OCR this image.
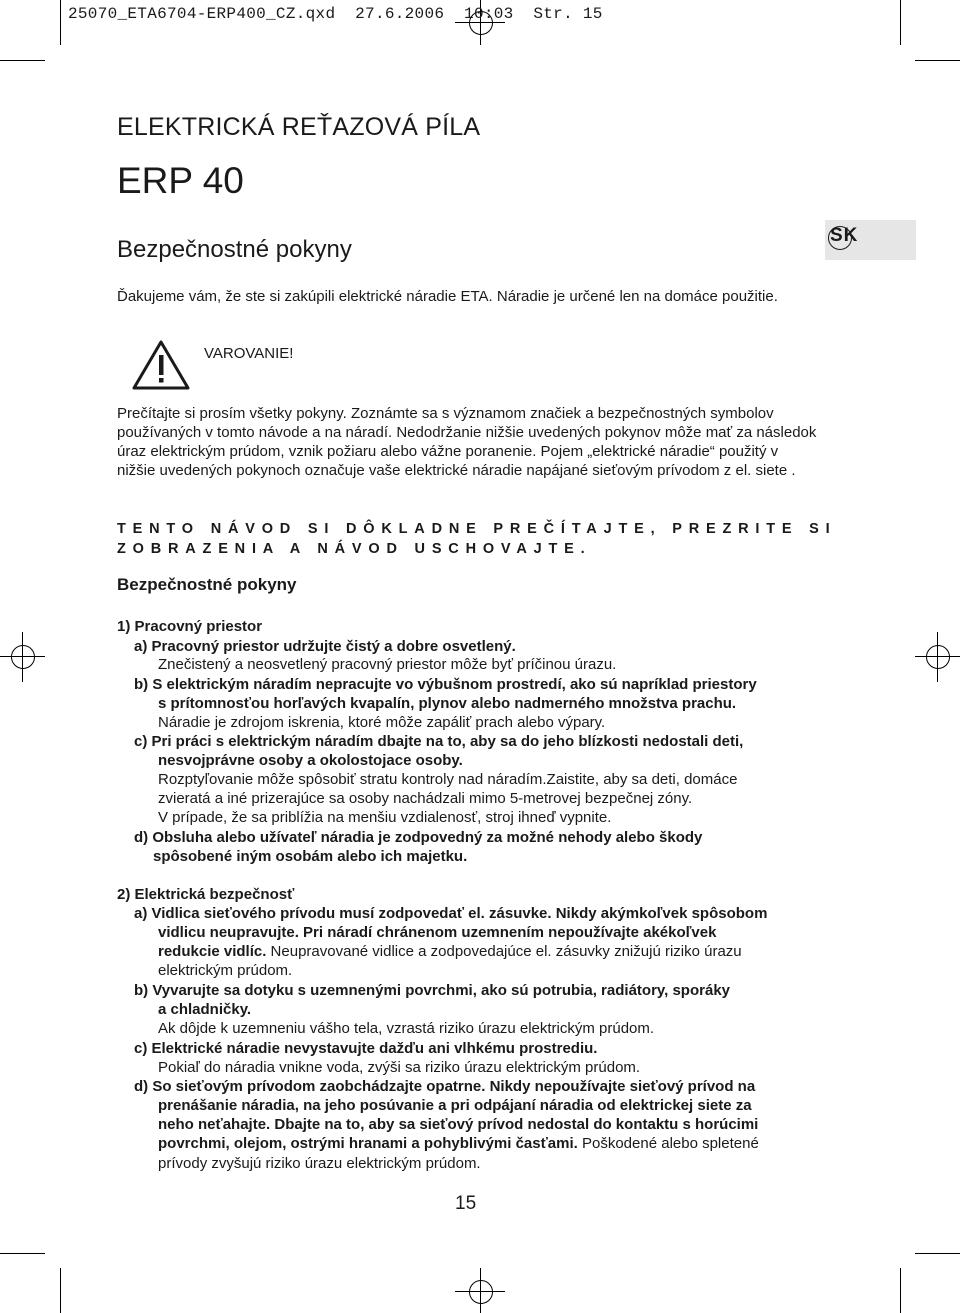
25070_ETA6704-ERP400_CZ.qxd  27.6.2006  10:03  Str. 15
ELEKTRICKÁ REŤAZOVÁ PÍLA
ERP 40
Bezpečnostné pokyny
SK
Ďakujeme vám, že ste si zakúpili elektrické náradie ETA. Náradie je určené len na domáce použitie.
VAROVANIE!
Prečítajte si prosím všetky pokyny. Zoznámte sa s významom značiek a bezpečnostných symbolov používaných v tomto návode a na náradí. Nedodržanie nižšie uvedených pokynov môže mať za následok úraz elektrickým prúdom, vznik požiaru alebo vážne poranenie. Pojem „elektrické náradie“ použitý v nižšie uvedených pokynoch označuje vaše elektrické náradie napájané sieťovým prívodom z el. siete .
TENTO NÁVOD SI DÔKLADNE PREČÍTAJTE, PREZRITE SI
ZOBRAZENIA A NÁVOD USCHOVAJTE.
Bezpečnostné pokyny
1) Pracovný priestor
a) Pracovný priestor udržujte čistý a dobre osvetlený.
Znečistený a neosvetlený pracovný priestor môže byť príčinou úrazu.
b) S elektrickým náradím nepracujte vo výbušnom prostredí, ako sú napríklad priestory
s prítomnosťou horľavých kvapalín, plynov alebo nadmerného množstva prachu.
Náradie je zdrojom iskrenia, ktoré môže zapáliť prach alebo výpary.
c) Pri práci s elektrickým náradím dbajte na to, aby sa do jeho blízkosti nedostali deti,
nesvojprávne osoby a okolostojace osoby.
Rozptyľovanie môže spôsobiť stratu kontroly nad náradím.Zaistite, aby sa deti, domáce
zvieratá a iné prizerajúce sa osoby nachádzali mimo 5-metrovej bezpečnej zóny.
V prípade, že sa priblížia na menšiu vzdialenosť, stroj ihneď vypnite.
d) Obsluha alebo užívateľ náradia je zodpovedný za možné nehody alebo škody
spôsobené iným osobám alebo ich majetku.
2) Elektrická bezpečnosť
a) Vidlica sieťového prívodu musí zodpovedať el. zásuvke. Nikdy akýmkoľvek spôsobom
vidlicu neupravujte. Pri náradí chránenom uzemnením nepoužívajte akékoľvek
redukcie vidlíc. Neupravované vidlice a zodpovedajúce el. zásuvky znižujú riziko úrazu
elektrickým prúdom.
b) Vyvarujte sa dotyku s uzemnenými povrchmi, ako sú potrubia, radiátory, sporáky
a chladničky.
Ak dôjde k uzemneniu vášho tela, vzrastá riziko úrazu elektrickým prúdom.
c) Elektrické náradie nevystavujte dažďu ani vlhkému prostrediu.
Pokiaľ do náradia vnikne voda, zvýši sa riziko úrazu elektrickým prúdom.
d) So sieťovým prívodom zaobchádzajte opatrne. Nikdy nepoužívajte sieťový prívod na
prenášanie náradia, na jeho posúvanie a pri odpájaní náradia od elektrickej siete za
neho neťahajte. Dbajte na to, aby sa sieťový prívod nedostal do kontaktu s horúcimi
povrchmi, olejom, ostrými hranami a pohyblivými časťami. Poškodené alebo spletené
prívody zvyšujú riziko úrazu elektrickým prúdom.
15
